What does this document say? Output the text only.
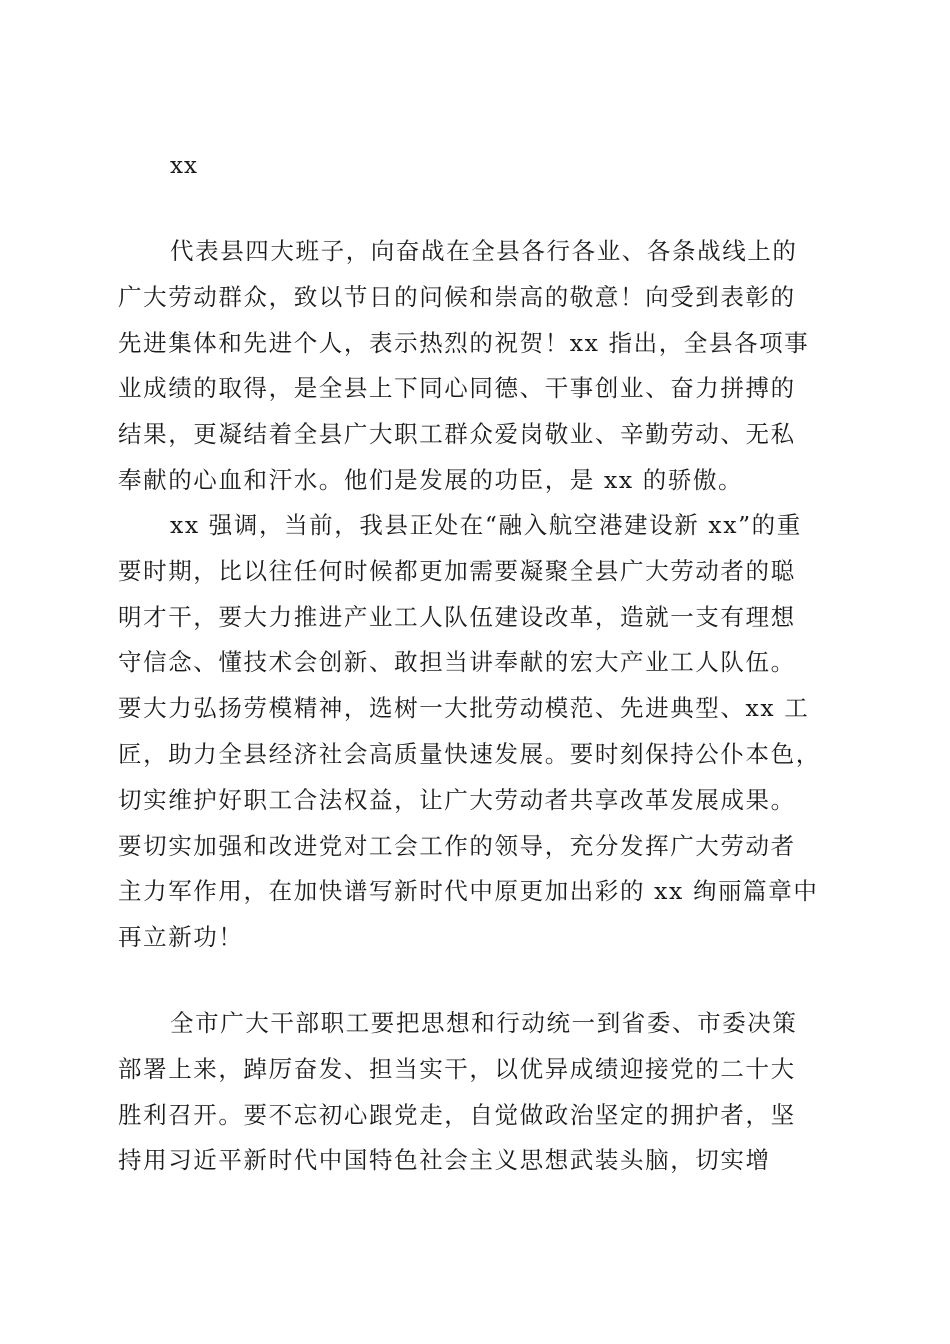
xx
代表县四大班子，向奋战在全县各行各业、各条战线上的
广大劳动群众，致以节日的问候和崇高的敬意！向受到表彰的
先进集体和先进个人，表示热烈的祝贺！xx 指出，全县各项事
业成绩的取得，是全县上下同心同德、干事创业、奋力拼搏的
结果，更凝结着全县广大职工群众爱岗敬业、辛勤劳动、无私
奉献的心血和汗水。他们是发展的功臣，是 xx 的骄傲。
xx 强调，当前，我县正处在“融入航空港建设新 xx”的重
要时期，比以往任何时候都更加需要凝聚全县广大劳动者的聪
明才干，要大力推进产业工人队伍建设改革，造就一支有理想
守信念、懂技术会创新、敢担当讲奉献的宏大产业工人队伍。
要大力弘扬劳模精神，选树一大批劳动模范、先进典型、xx 工
匠，助力全县经济社会高质量快速发展。要时刻保持公仆本色，
切实维护好职工合法权益，让广大劳动者共享改革发展成果。
要切实加强和改进党对工会工作的领导，充分发挥广大劳动者
主力军作用，在加快谱写新时代中原更加出彩的 xx 绚丽篇章中
再立新功！
全市广大干部职工要把思想和行动统一到省委、市委决策
部署上来，踔厉奋发、担当实干，以优异成绩迎接党的二十大
胜利召开。要不忘初心跟党走，自觉做政治坚定的拥护者，坚
持用习近平新时代中国特色社会主义思想武装头脑，切实增
